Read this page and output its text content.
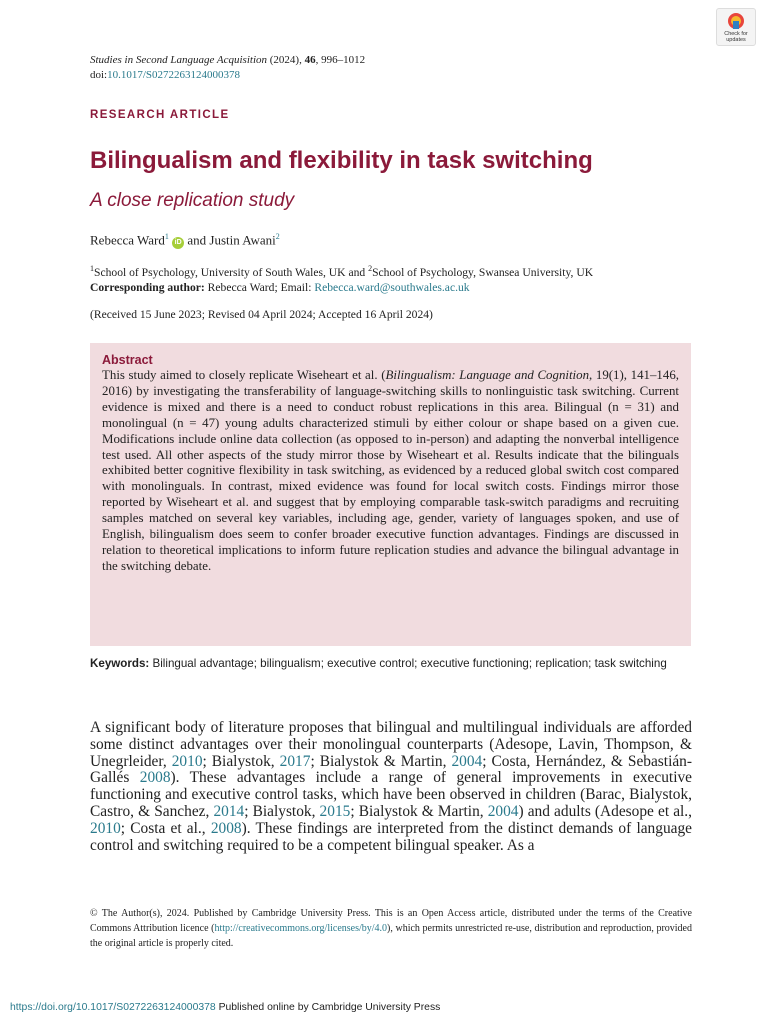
Check for updates
Studies in Second Language Acquisition (2024), 46, 996–1012
doi:10.1017/S0272263124000378
RESEARCH ARTICLE
Bilingualism and flexibility in task switching
A close replication study
Rebecca Ward$^1$ iD and Justin Awani$^2$
$^1$School of Psychology, University of South Wales, UK and $^2$School of Psychology, Swansea University, UK
Corresponding author: Rebecca Ward; Email: Rebecca.ward@southwales.ac.uk
(Received 15 June 2023; Revised 04 April 2024; Accepted 16 April 2024)
Abstract
This study aimed to closely replicate Wiseheart et al. (Bilingualism: Language and Cognition, 19(1), 141–146, 2016) by investigating the transferability of language-switching skills to nonlinguistic task switching. Current evidence is mixed and there is a need to conduct robust replications in this area. Bilingual (n = 31) and monolingual (n = 47) young adults characterized stimuli by either colour or shape based on a given cue. Modifications include online data collection (as opposed to in-person) and adapting the nonverbal intelligence test used. All other aspects of the study mirror those by Wiseheart et al. Results indicate that the bilinguals exhibited better cognitive flexibility in task switching, as evidenced by a reduced global switch cost compared with monolinguals. In contrast, mixed evidence was found for local switch costs. Findings mirror those reported by Wiseheart et al. and suggest that by employing comparable task-switch paradigms and recruiting samples matched on several key variables, including age, gender, variety of languages spoken, and use of English, bilingualism does seem to confer broader executive function advantages. Findings are discussed in relation to theoretical implications to inform future replication studies and advance the bilingual advantage in the switching debate.
Keywords: Bilingual advantage; bilingualism; executive control; executive functioning; replication; task switching
A significant body of literature proposes that bilingual and multilingual individuals are afforded some distinct advantages over their monolingual counterparts (Adesope, Lavin, Thompson, & Unegrleider, 2010; Bialystok, 2017; Bialystok & Martin, 2004; Costa, Hernández, & Sebastián-Gallés 2008). These advantages include a range of general improvements in executive functioning and executive control tasks, which have been observed in children (Barac, Bialystok, Castro, & Sanchez, 2014; Bialystok, 2015; Bialystok & Martin, 2004) and adults (Adesope et al., 2010; Costa et al., 2008). These findings are interpreted from the distinct demands of language control and switching required to be a competent bilingual speaker. As a
© The Author(s), 2024. Published by Cambridge University Press. This is an Open Access article, distributed under the terms of the Creative Commons Attribution licence (http://creativecommons.org/licenses/by/4.0), which permits unrestricted re-use, distribution and reproduction, provided the original article is properly cited.
https://doi.org/10.1017/S0272263124000378 Published online by Cambridge University Press
